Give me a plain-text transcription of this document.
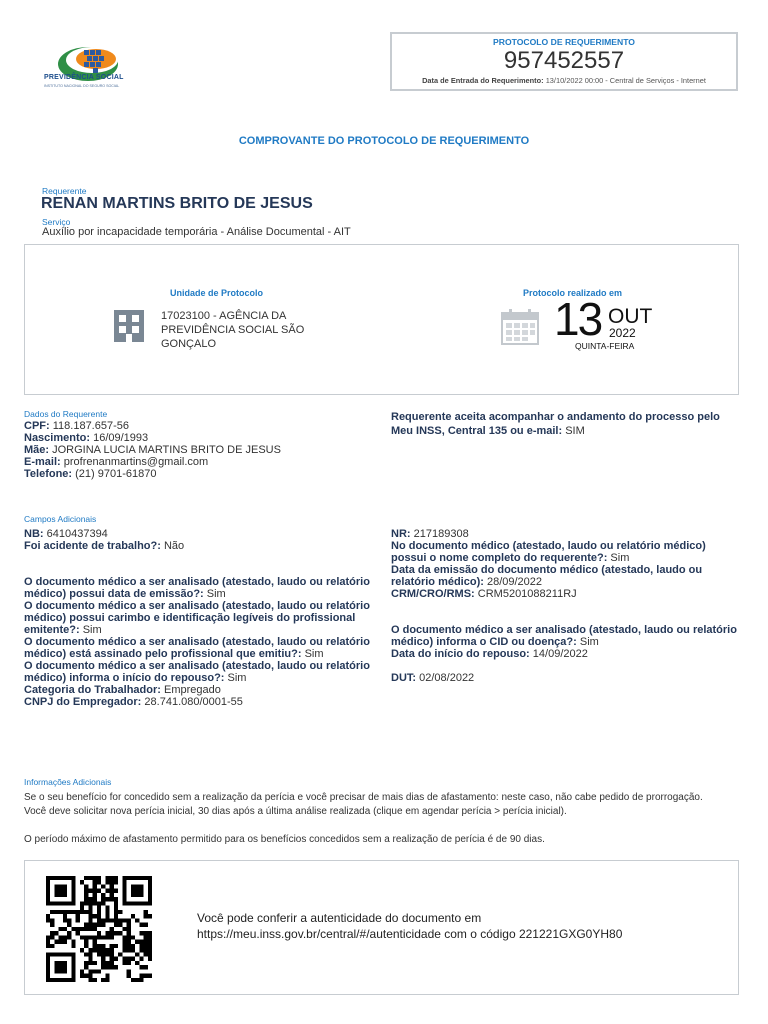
PREVIDÊNCIA SOCIAL
INSTITUTO NACIONAL DO SEGURO SOCIAL
PROTOCOLO DE REQUERIMENTO
957452557
Data de Entrada do Requerimento: 13/10/2022 00:00 - Central de Serviços - Internet
COMPROVANTE DO PROTOCOLO DE REQUERIMENTO
Requerente
RENAN MARTINS BRITO DE JESUS
Serviço
Auxílio por incapacidade temporária - Análise Documental - AIT
Unidade de Protocolo
17023100 - AGÊNCIA DA PREVIDÊNCIA SOCIAL SÃO GONÇALO
Protocolo realizado em
13 OUT
2022
QUINTA-FEIRA
Dados do Requerente
CPF: 118.187.657-56
Nascimento: 16/09/1993
Mãe: JORGINA LUCIA MARTINS BRITO DE JESUS
E-mail: profrenanmartins@gmail.com
Telefone: (21) 9701-61870
Requerente aceita acompanhar o andamento do processo pelo Meu INSS, Central 135 ou e-mail: SIM
Campos Adicionais
NB: 6410437394
Foi acidente de trabalho?: Não
O documento médico a ser analisado (atestado, laudo ou relatório médico) possui data de emissão?: Sim
O documento médico a ser analisado (atestado, laudo ou relatório médico) possui carimbo e identificação legíveis do profissional emitente?: Sim
O documento médico a ser analisado (atestado, laudo ou relatório médico) está assinado pelo profissional que emitiu?: Sim
O documento médico a ser analisado (atestado, laudo ou relatório médico) informa o início do repouso?: Sim
Categoria do Trabalhador: Empregado
CNPJ do Empregador: 28.741.080/0001-55
NR: 217189308
No documento médico (atestado, laudo ou relatório médico) possui o nome completo do requerente?: Sim
Data da emissão do documento médico (atestado, laudo ou relatório médico): 28/09/2022
CRM/CRO/RMS: CRM5201088211RJ
O documento médico a ser analisado (atestado, laudo ou relatório médico) informa o CID ou doença?: Sim
Data do início do repouso: 14/09/2022
DUT: 02/08/2022
Informações Adicionais
Se o seu benefício for concedido sem a realização da perícia e você precisar de mais dias de afastamento: neste caso, não cabe pedido de prorrogação. Você deve solicitar nova perícia inicial, 30 dias após a última análise realizada (clique em agendar perícia > perícia inicial).
O período máximo de afastamento permitido para os benefícios concedidos sem a realização de perícia é de 90 dias.
Você pode conferir a autenticidade do documento em https://meu.inss.gov.br/central/#/autenticidade com o código 221221GXG0YH80
